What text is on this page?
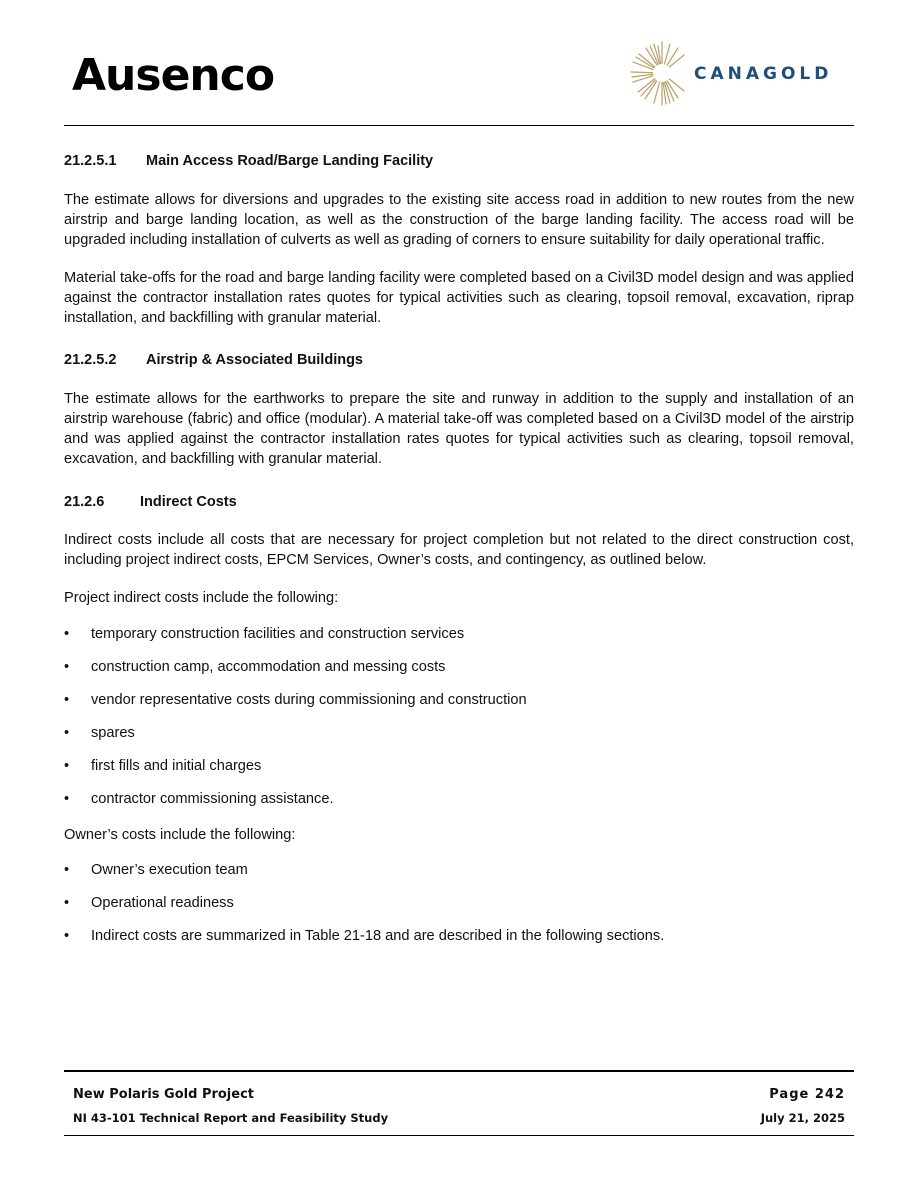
Ausenco	CANAGOLD
21.2.5.1 Main Access Road/Barge Landing Facility

The estimate allows for diversions and upgrades to the existing site access road in addition to new routes from the new airstrip and barge landing location, as well as the construction of the barge landing facility. The access road will be upgraded including installation of culverts as well as grading of corners to ensure suitability for daily operational traffic.

Material take-offs for the road and barge landing facility were completed based on a Civil3D model design and was applied against the contractor installation rates quotes for typical activities such as clearing, topsoil removal, excavation, riprap installation, and backfilling with granular material.

21.2.5.2 Airstrip & Associated Buildings

The estimate allows for the earthworks to prepare the site and runway in addition to the supply and installation of an airstrip warehouse (fabric) and office (modular). A material take-off was completed based on a Civil3D model of the airstrip and was applied against the contractor installation rates quotes for typical activities such as clearing, topsoil removal, excavation, and backfilling with granular material.

21.2.6 Indirect Costs

Indirect costs include all costs that are necessary for project completion but not related to the direct construction cost, including project indirect costs, EPCM Services, Owner’s costs, and contingency, as outlined below.

Project indirect costs include the following:

• temporary construction facilities and construction services
• construction camp, accommodation and messing costs
• vendor representative costs during commissioning and construction
• spares
• first fills and initial charges
• contractor commissioning assistance.

Owner’s costs include the following:

• Owner’s execution team
• Operational readiness
• Indirect costs are summarized in Table 21-18 and are described in the following sections.
New Polaris Gold Project
NI 43-101 Technical Report and Feasibility Study
Page 242
July 21, 2025
